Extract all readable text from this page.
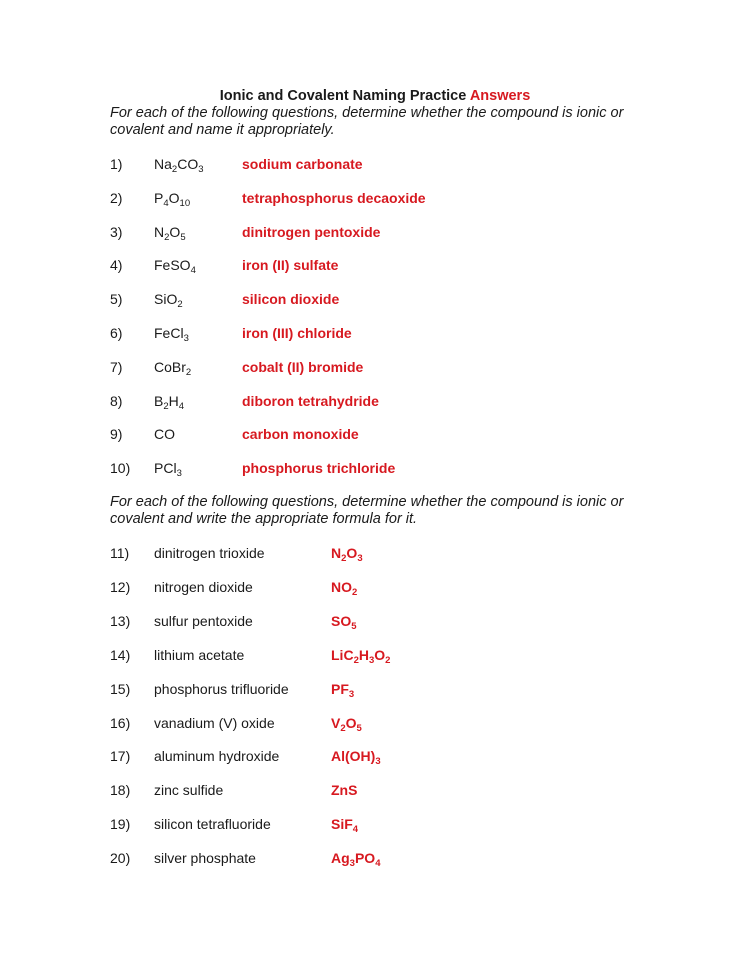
Ionic and Covalent Naming Practice Answers
For each of the following questions, determine whether the compound is ionic or covalent and name it appropriately.
1)	$Na_2CO_3$	sodium carbonate
2)	$P_4O_{10}$	tetraphosphorus decaoxide
3)	$N_2O_5$	dinitrogen pentoxide
4)	FeSO$_4$	iron (II) sulfate
5)	SiO$_2$	silicon dioxide
6)	FeCl$_3$	iron (III) chloride
7)	CoBr$_2$	cobalt (II) bromide
8)	$B_2H_4$	diboron tetrahydride
9)	CO	carbon monoxide
10)	PCl$_3$	phosphorus trichloride
For each of the following questions, determine whether the compound is ionic or covalent and write the appropriate formula for it.
11)	dinitrogen trioxide	$N_2O_3$
12)	nitrogen dioxide	$NO_2$
13)	sulfur pentoxide	$SO_5$
14)	lithium acetate	$LiC_2H_3O_2$
15)	phosphorus trifluoride	$PF_3$
16)	vanadium (V) oxide	$V_2O_5$
17)	aluminum hydroxide	$Al(OH)_3$
18)	zinc sulfide	ZnS
19)	silicon tetrafluoride	SiF$_4$
20)	silver phosphate	$Ag_3PO_4$
